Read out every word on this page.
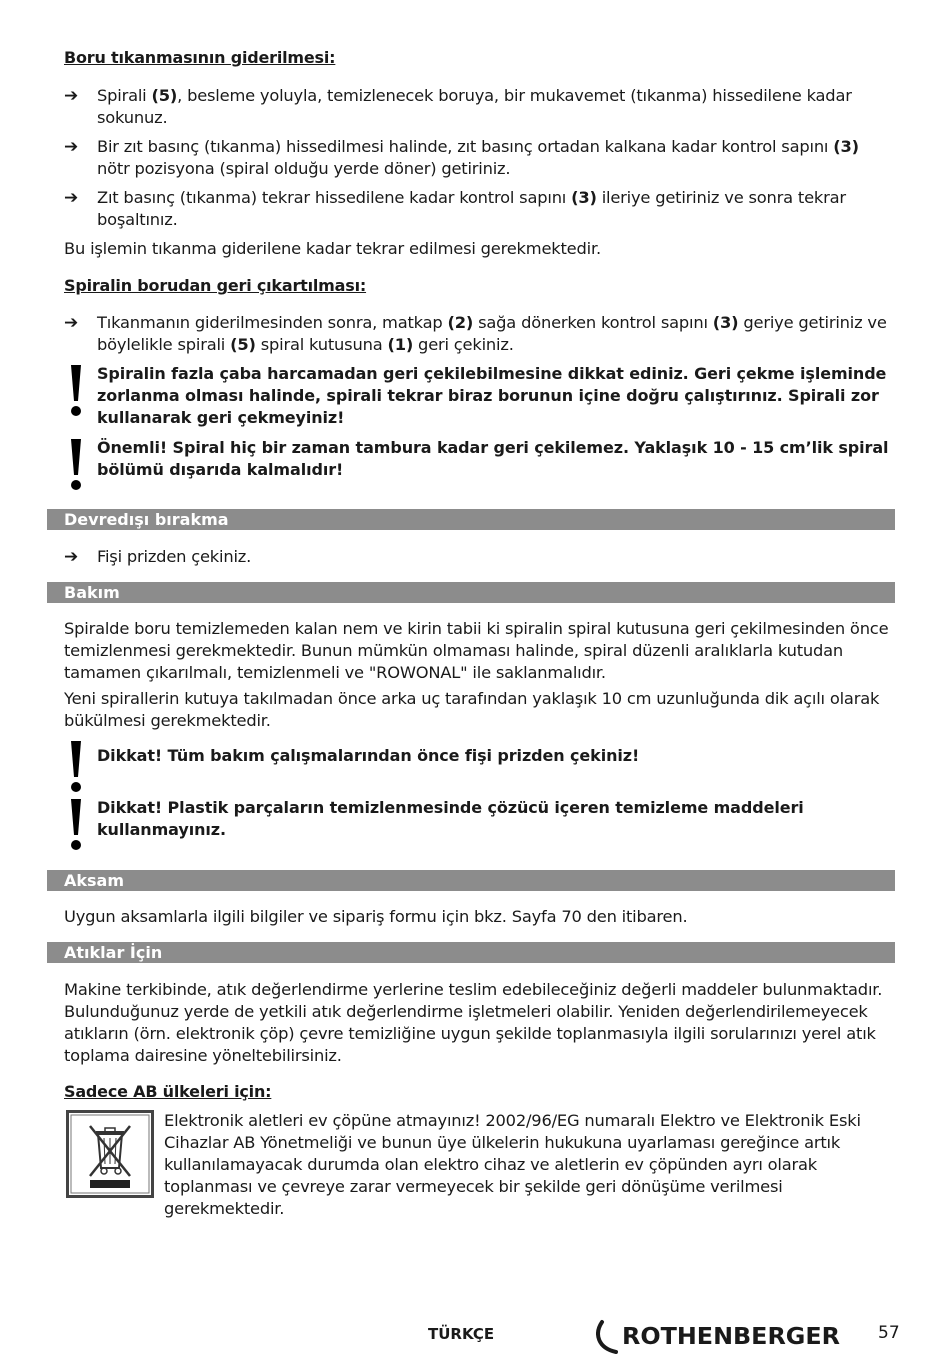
Boru tıkanmasının giderilmesi:
➔ Spirali (5), besleme yoluyla, temizlenecek boruya, bir mukavemet (tıkanma) hissedilene kadar sokunuz.
➔ Bir zıt basınç (tıkanma) hissedilmesi halinde, zıt basınç ortadan kalkana kadar kontrol sapını (3) nötr pozisyona (spiral olduğu yerde döner) getiriniz.
➔ Zıt basınç (tıkanma) tekrar hissedilene kadar kontrol sapını (3) ileriye getiriniz ve sonra tekrar boşaltınız.
Bu işlemin tıkanma giderilene kadar tekrar edilmesi gerekmektedir.
Spiralin borudan geri çıkartılması:
➔ Tıkanmanın giderilmesinden sonra, matkap (2) sağa dönerken kontrol sapını (3) geriye getiriniz ve böylelikle spirali (5) spiral kutusuna (1) geri çekiniz.
Spiralin fazla çaba harcamadan geri çekilebilmesine dikkat ediniz. Geri çekme işleminde zorlanma olması halinde, spirali tekrar biraz borunun içine doğru çalıştırınız. Spirali zor kullanarak geri çekmeyiniz!
Önemli! Spiral hiç bir zaman tambura kadar geri çekilemez. Yaklaşık 10 - 15 cm’lik spiral bölümü dışarıda kalmalıdır!
Devredışı bırakma
➔ Fişi prizden çekiniz.
Bakım
Spiralde boru temizlemeden kalan nem ve kirin tabii ki spiralin spiral kutusuna geri çekilmesinden önce temizlenmesi gerekmektedir. Bunun mümkün olmaması halinde, spiral düzenli aralıklarla kutudan tamamen çıkarılmalı, temizlenmeli ve "ROWONAL" ile saklanmalıdır.
Yeni spirallerin kutuya takılmadan önce arka uç tarafından yaklaşık 10 cm uzunluğunda dik açılı olarak bükülmesi gerekmektedir.
Dikkat! Tüm bakım çalışmalarından önce fişi prizden çekiniz!
Dikkat! Plastik parçaların temizlenmesinde çözücü içeren temizleme maddeleri kullanmayınız.
Aksam
Uygun aksamlarla ilgili bilgiler ve sipariş formu için bkz. Sayfa 70 den itibaren.
Atıklar İçin
Makine terkibinde, atık değerlendirme yerlerine teslim edebileceğiniz değerli maddeler bulunmaktadır. Bulunduğunuz yerde de yetkili atık değerlendirme işletmeleri olabilir. Yeniden değerlendirilemeyecek atıkların (örn. elektronik çöp) çevre temizliğine uygun şekilde toplanmasıyla ilgili sorularınızı yerel atık toplama dairesine yöneltebilirsiniz.
Sadece AB ülkeleri için:
Elektronik aletleri ev çöpüne atmayınız! 2002/96/EG numaralı Elektro ve Elektronik Eski Cihazlar AB Yönetmeliği ve bunun üye ülkelerin hukukuna uyarlaması gereğince artık kullanılamayacak durumda olan elektro cihaz ve aletlerin ev çöpünden ayrı olarak toplanması ve çevreye zarar vermeyecek bir şekilde geri dönüşüme verilmesi gerekmektedir.
TÜRKÇE	ROTHENBERGER 57
